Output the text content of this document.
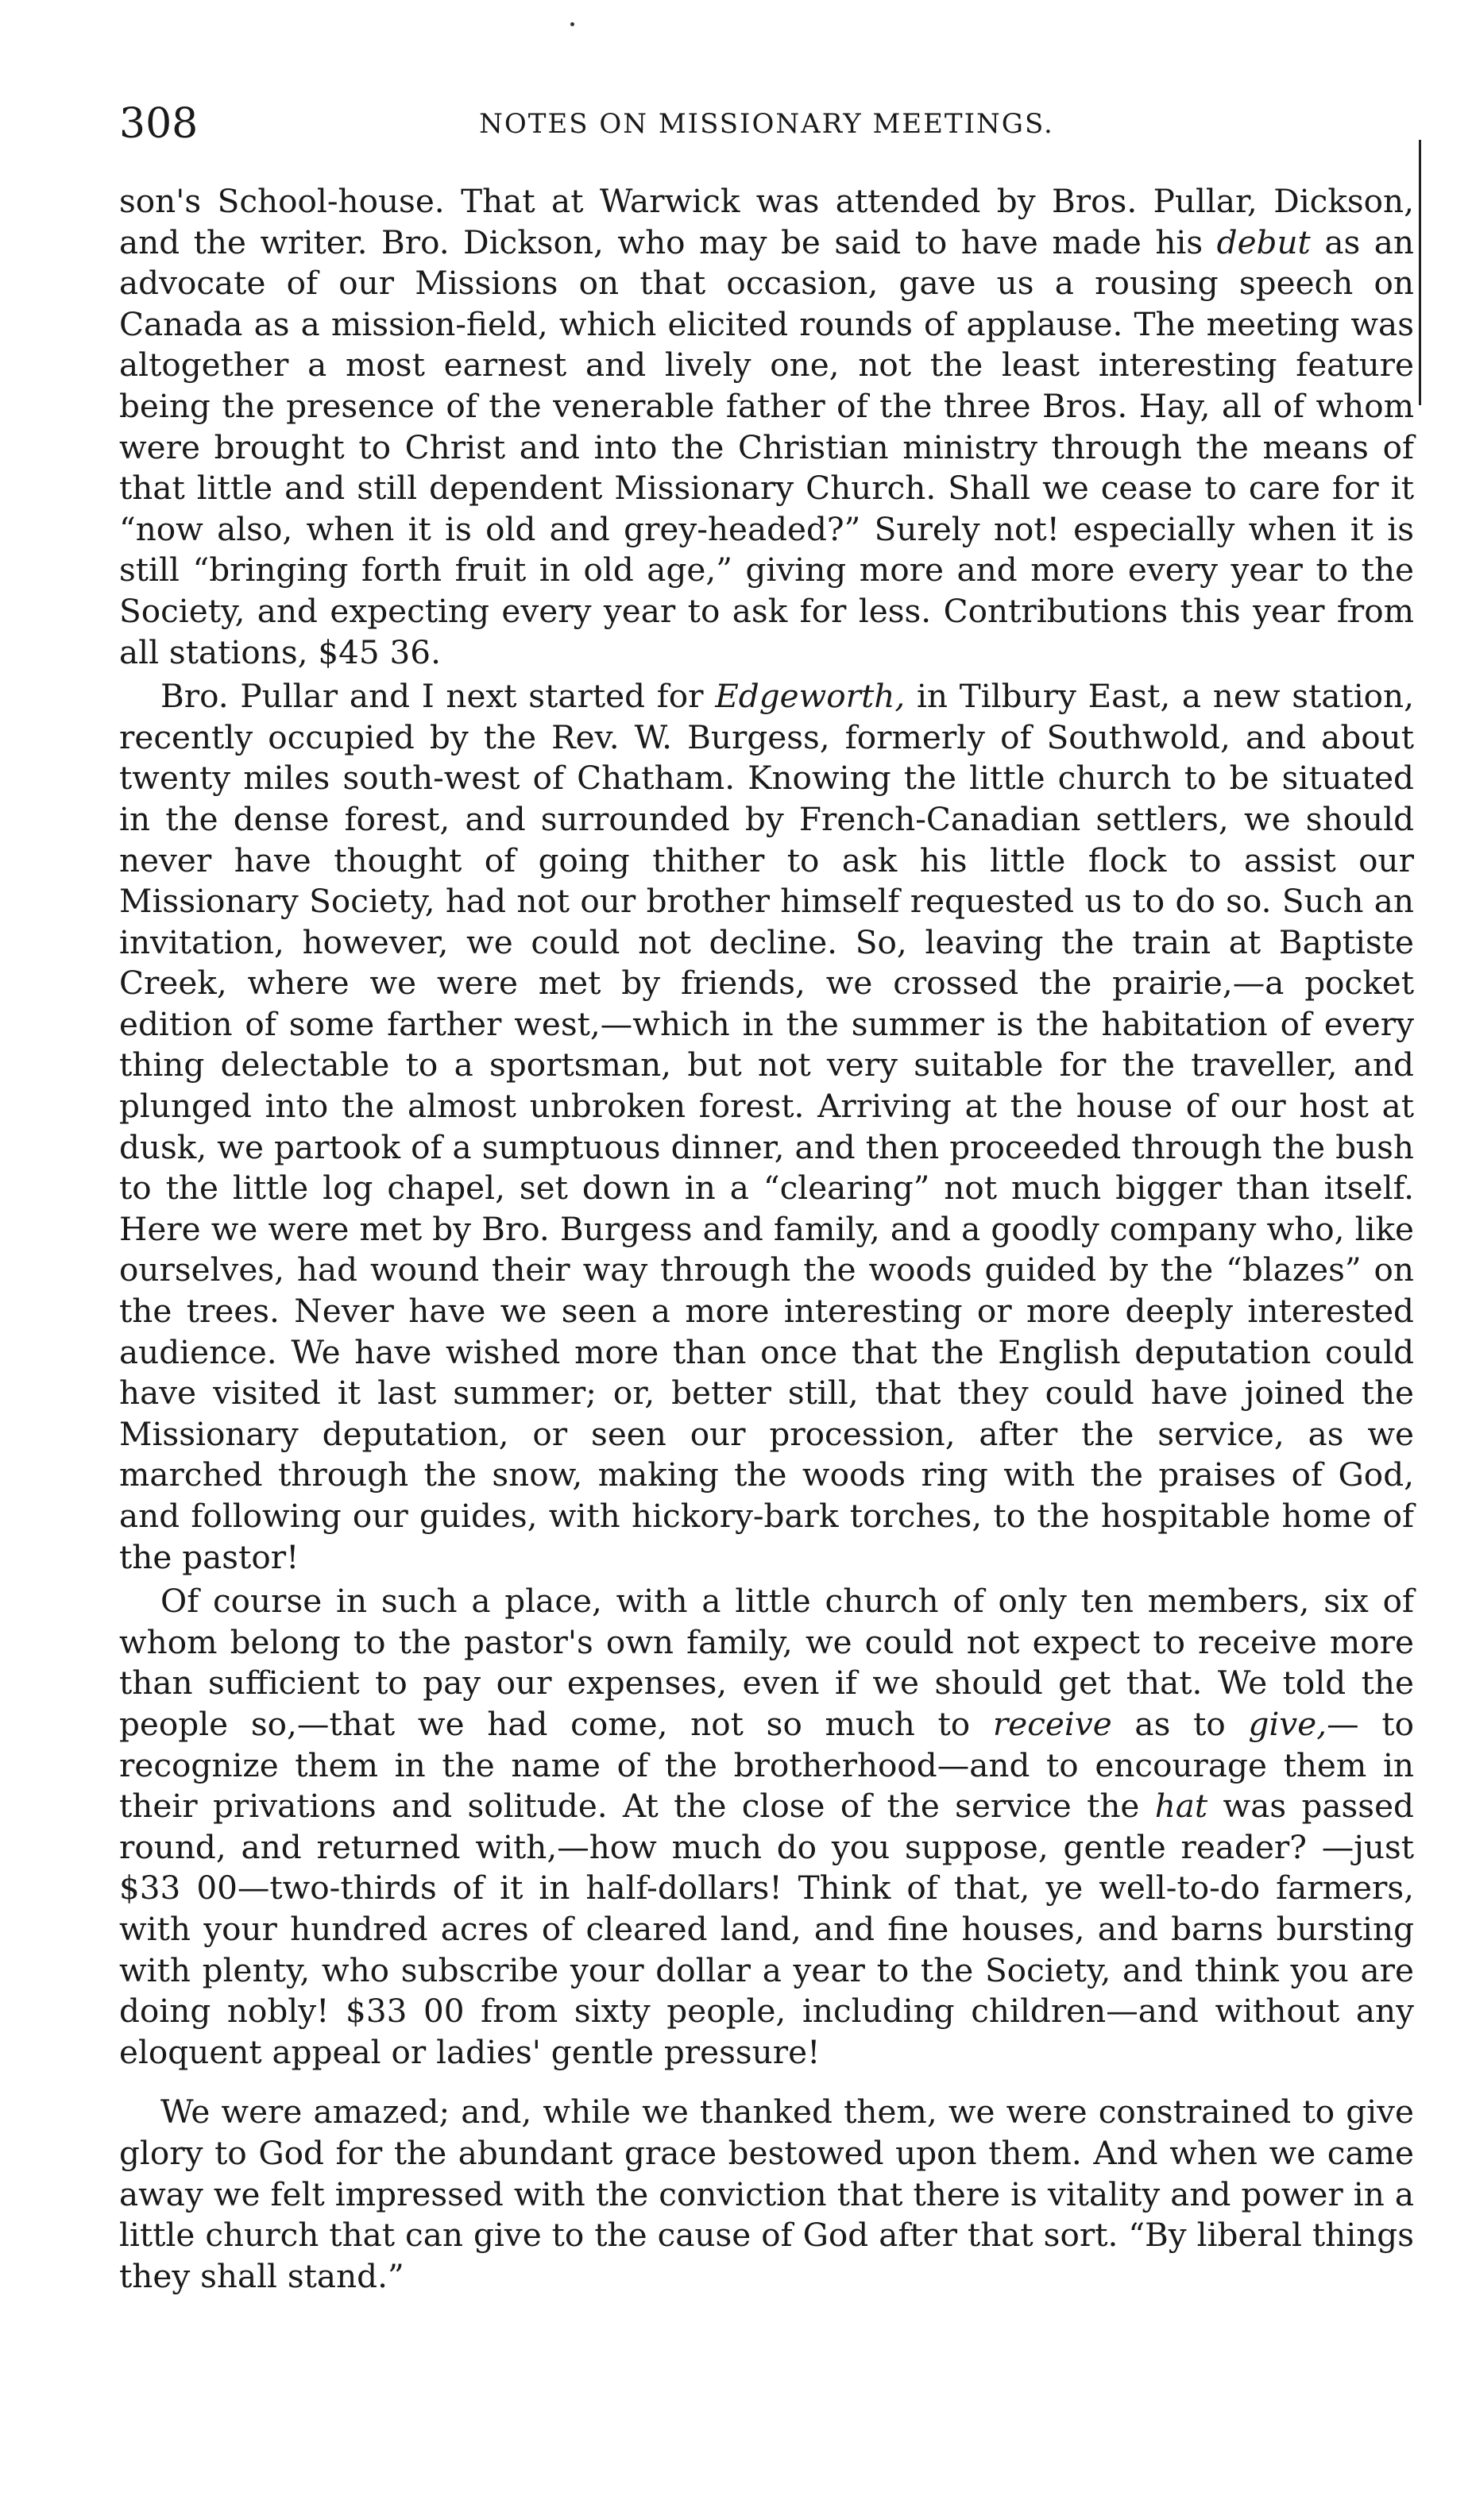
308	NOTES ON MISSIONARY MEETINGS.

son's School-house. That at Warwick was attended by Bros. Pullar, Dickson, and the writer. Bro. Dickson, who may be said to have made his debut as an advocate of our Missions on that occasion, gave us a rousing speech on Canada as a mission-field, which elicited rounds of applause. The meeting was altogether a most earnest and lively one, not the least interesting feature being the presence of the venerable father of the three Bros. Hay, all of whom were brought to Christ and into the Christian ministry through the means of that little and still dependent Missionary Church. Shall we cease to care for it “now also, when it is old and grey-headed?” Surely not! especially when it is still “bringing forth fruit in old age,” giving more and more every year to the Society, and expecting every year to ask for less. Contributions this year from all stations, $45 36.

Bro. Pullar and I next started for Edgeworth, in Tilbury East, a new station, recently occupied by the Rev. W. Burgess, formerly of Southwold, and about twenty miles south-west of Chatham. Knowing the little church to be situated in the dense forest, and surrounded by French-Canadian settlers, we should never have thought of going thither to ask his little flock to assist our Missionary Society, had not our brother himself requested us to do so. Such an invitation, however, we could not decline. So, leaving the train at Baptiste Creek, where we were met by friends, we crossed the prairie,—a pocket edition of some farther west,—which in the summer is the habitation of every thing delectable to a sportsman, but not very suitable for the traveller, and plunged into the almost unbroken forest. Arriving at the house of our host at dusk, we partook of a sumptuous dinner, and then proceeded through the bush to the little log chapel, set down in a “clearing” not much bigger than itself. Here we were met by Bro. Burgess and family, and a goodly company who, like ourselves, had wound their way through the woods guided by the “blazes” on the trees. Never have we seen a more interesting or more deeply interested audience. We have wished more than once that the English deputation could have visited it last summer; or, better still, that they could have joined the Missionary deputation, or seen our procession, after the service, as we marched through the snow, making the woods ring with the praises of God, and following our guides, with hickory-bark torches, to the hospitable home of the pastor!

Of course in such a place, with a little church of only ten members, six of whom belong to the pastor's own family, we could not expect to receive more than sufficient to pay our expenses, even if we should get that. We told the people so,—that we had come, not so much to receive as to give,— to recognize them in the name of the brotherhood—and to encourage them in their privations and solitude. At the close of the service the hat was passed round, and returned with,—how much do you suppose, gentle reader? —just $33 00—two-thirds of it in half-dollars! Think of that, ye well-to-do farmers, with your hundred acres of cleared land, and fine houses, and barns bursting with plenty, who subscribe your dollar a year to the Society, and think you are doing nobly! $33 00 from sixty people, including children—and without any eloquent appeal or ladies' gentle pressure!

We were amazed; and, while we thanked them, we were constrained to give glory to God for the abundant grace bestowed upon them. And when we came away we felt impressed with the conviction that there is vitality and power in a little church that can give to the cause of God after that sort. “By liberal things they shall stand.”
